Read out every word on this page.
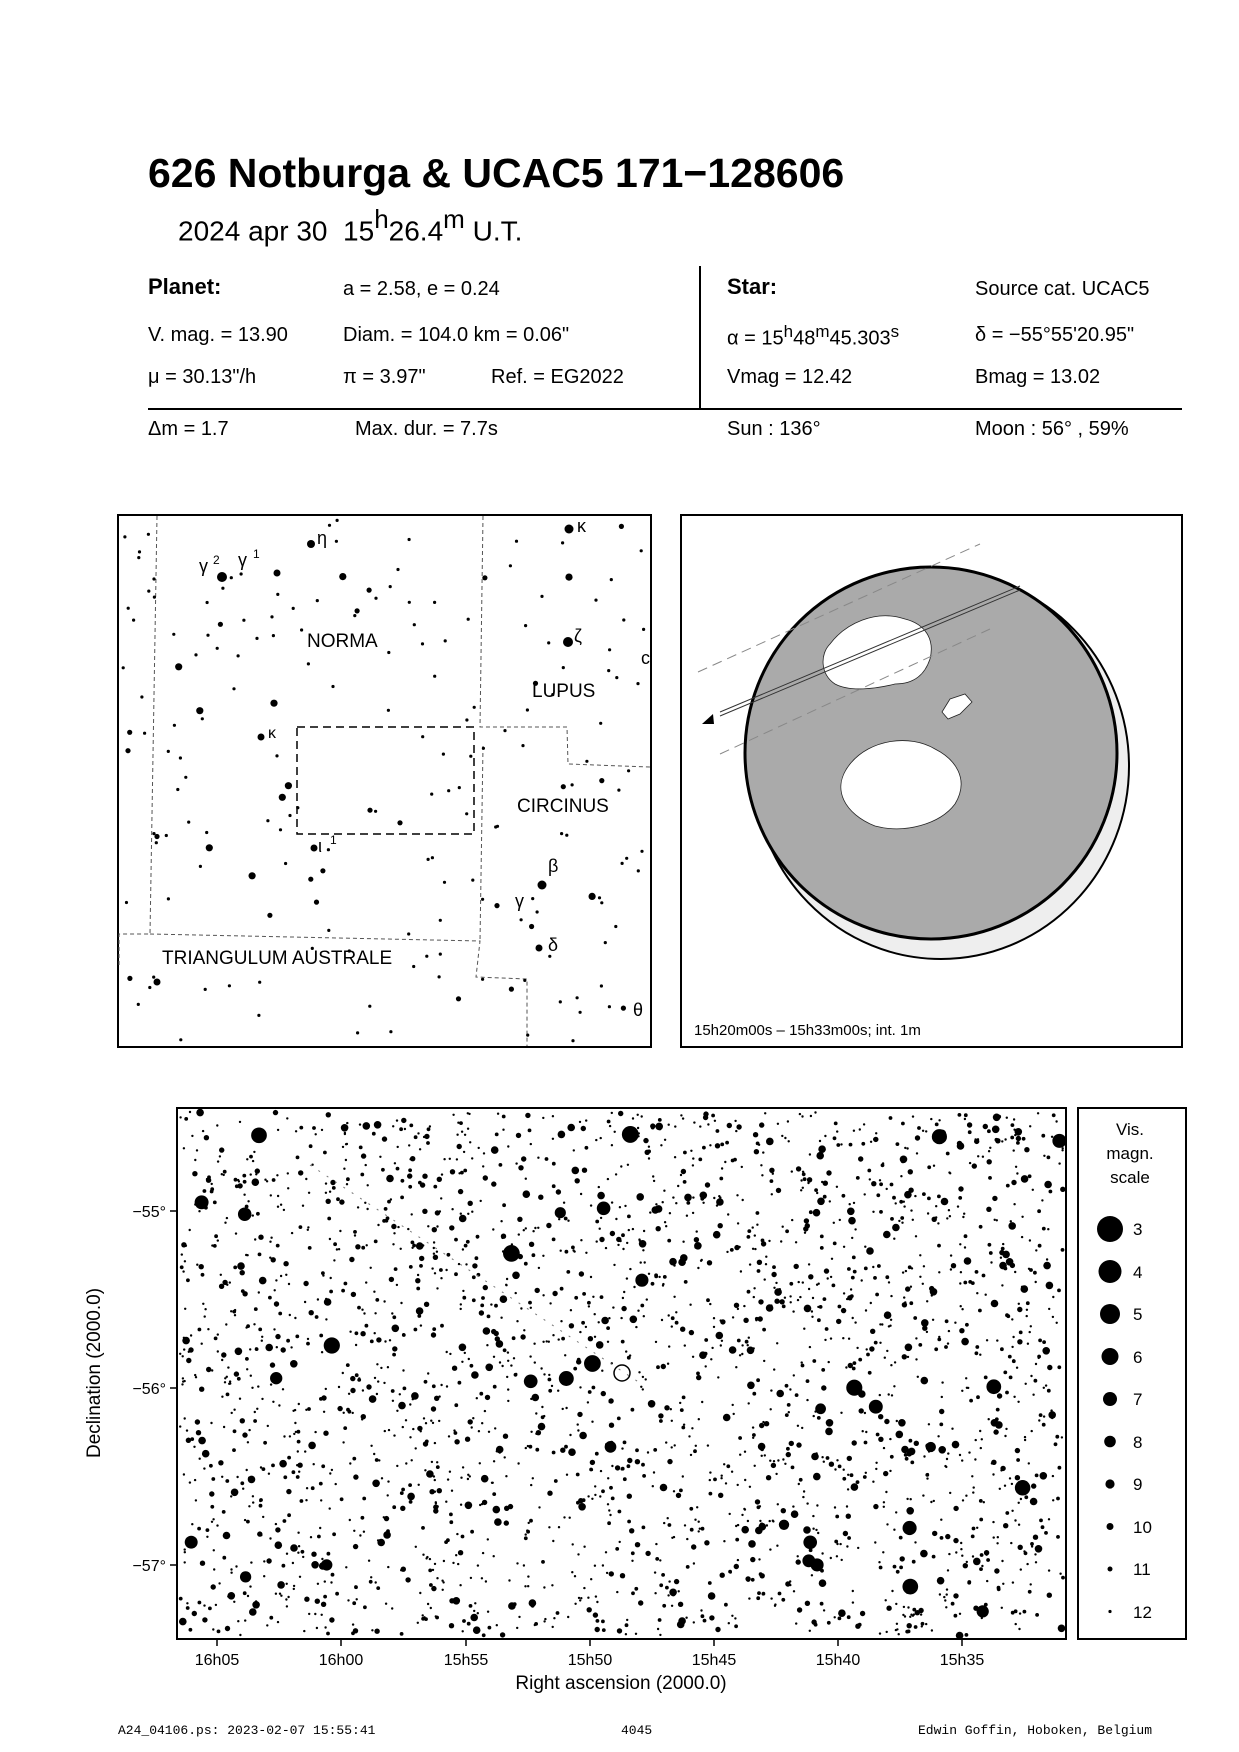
626 Notburga & UCAC5 171−128606
2024 apr 30 15$^h$26.4$^m$ U.T.
Planet:	a = 2.58, e = 0.24
V. mag. = 13.90	Diam. = 104.0 km = 0.06"
μ = 30.13"/h	π = 3.97"	Ref. = EG2022
Δm = 1.7	Max. dur. = 7.7s
Star:	Source cat. UCAC5
$\alpha = 15^h48^m45.303^s$	δ = −55°55'20.95"
Vmag = 12.42	Bmag = 13.02
Sun : 136°	Moon : 56° , 59%
NORMA
LUPUS
CIRCINUS
TRIANGULUM AUSTRALE
η
κ
γ 2 γ 1
ζ
c
κ
ι 1
β
γ
δ
θ
15h20m00s – 15h33m00s; int. 1m
−55°
−56°
−57°
16h05	16h00	15h55	15h50	15h45	15h40	15h35
Right ascension (2000.0)
Declination (2000.0)
Vis.
magn.
scale
3
4
5
6
7
8
9
10
11
12
A24_04106.ps: 2023-02-07 15:55:41	4045	Edwin Goffin, Hoboken, Belgium
